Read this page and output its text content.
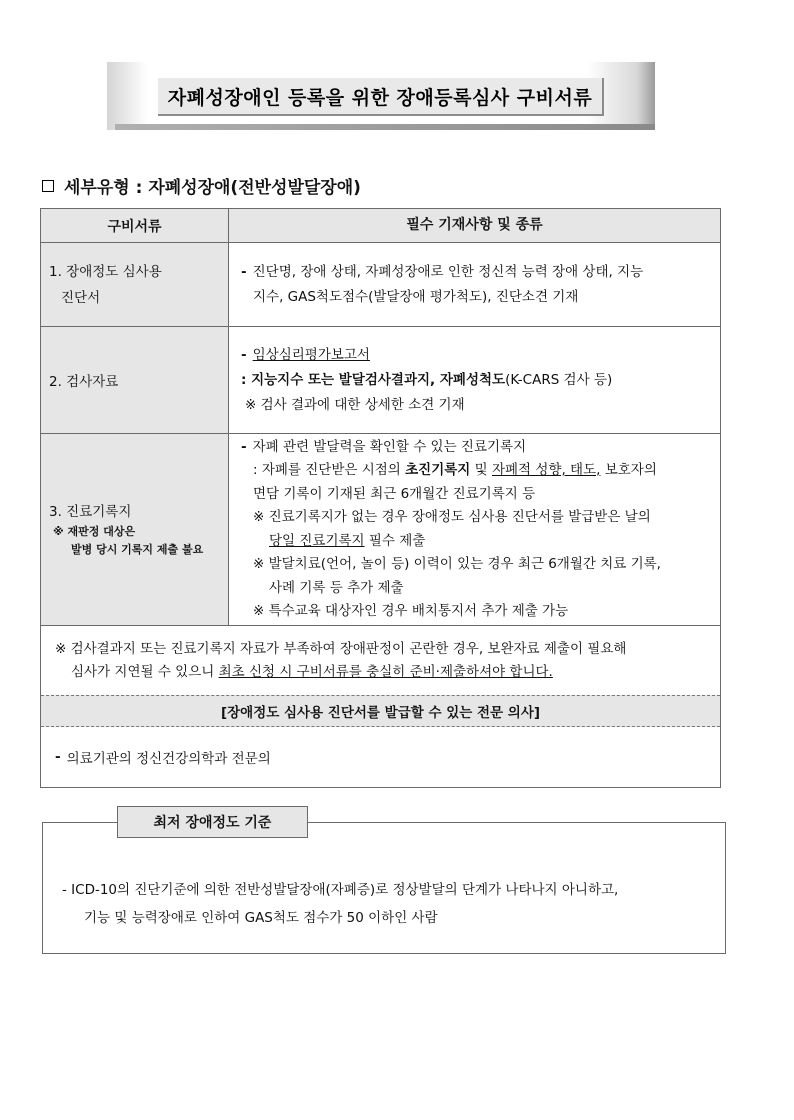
자폐성장애인 등록을 위한 장애등록심사 구비서류
세부유형 : 자폐성장애(전반성발달장애)
구비서류	필수 기재사항 및 종류
1. 장애정도 심사용
진단서
- 진단명, 장애 상태, 자폐성장애로 인한 정신적 능력 장애 상태, 지능
지수, GAS척도점수(발달장애 평가척도), 진단소견 기재
2. 검사자료
- 임상심리평가보고서
: 지능지수 또는 발달검사결과지, 자폐성척도(K-CARS 검사 등)
※ 검사 결과에 대한 상세한 소견 기재
3. 진료기록지
※ 재판정 대상은
발병 당시 기록지 제출 불요
- 자폐 관련 발달력을 확인할 수 있는 진료기록지
: 자폐를 진단받은 시점의 초진기록지 및 자폐적 성향, 태도, 보호자의
면담 기록이 기재된 최근 6개월간 진료기록지 등
※ 진료기록지가 없는 경우 장애정도 심사용 진단서를 발급받은 날의
당일 진료기록지 필수 제출
※ 발달치료(언어, 놀이 등) 이력이 있는 경우 최근 6개월간 치료 기록,
사례 기록 등 추가 제출
※ 특수교육 대상자인 경우 배치통지서 추가 제출 가능
※ 검사결과지 또는 진료기록지 자료가 부족하여 장애판정이 곤란한 경우, 보완자료 제출이 필요해
심사가 지연될 수 있으니 최초 신청 시 구비서류를 충실히 준비·제출하셔야 합니다.
[장애정도 심사용 진단서를 발급할 수 있는 전문 의사]
- 의료기관의 정신건강의학과 전문의
최저 장애정도 기준
- ICD-10의 진단기준에 의한 전반성발달장애(자폐증)로 정상발달의 단계가 나타나지 아니하고,
기능 및 능력장애로 인하여 GAS척도 점수가 50 이하인 사람
